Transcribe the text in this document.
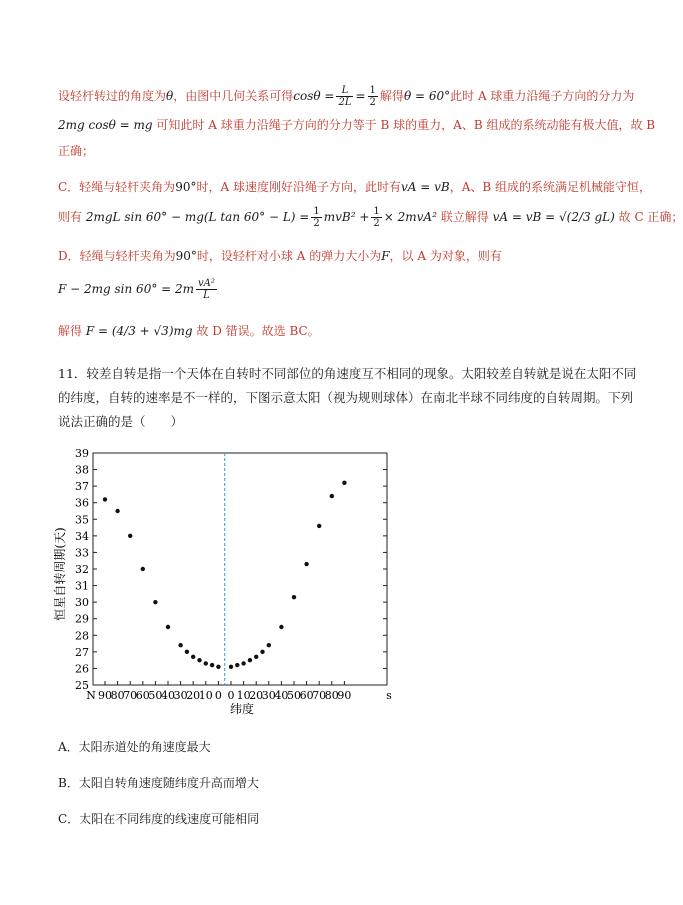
设轻杆转过的角度为θ，由图中几何关系可得$\cos\theta = \frac{L}{2L} = \frac{1}{2}$ 解得θ = 60°此时 A 球重力沿绳子方向的分力为
2mg cosθ = mg 可知此时 A 球重力沿绳子方向的分力等于 B 球的重力，A、B 组成的系统动能有极大值，故 B
正确；
C．轻绳与轻杆夹角为90°时，A 球速度刚好沿绳子方向，此时有vA = vB，A、B 组成的系统满足机械能守恒，
则有 2mgL sin 60° − mg(L $\tan 60^\circ - L) = \frac{1}{2} mvB^2 + \frac{1}{2} \times 2mvA^2$ 联立解得 vA = vB = √(2/3 gL) 故 C 正确；
D．轻绳与轻杆夹角为90°时，设轻杆对小球 A 的弹力大小为F，以 A 为对象，则有
F − 2mg $\sin 60^\circ = 2m \frac{\text{vA²}}{L}$
解得 F = (4/3 + √3)mg 故 D 错误。故选 BC。
11．较差自转是指一个天体在自转时不同部位的角速度互不相同的现象。太阳较差自转就是说在太阳不同
的纬度，自转的速率是不一样的，下图示意太阳（视为规则球体）在南北半球不同纬度的自转周期。下列
说法正确的是（　　）
25
26
27
28
29
30
31
32
33
34
35
36
37
38
39
N 90
80
70
60
50
40
30
20
10 0 0 10
20
30
40
50
60
70
80
90	s
恒星自转周期(天)
纬度
A．太阳赤道处的角速度最大
B．太阳自转角速度随纬度升高而增大
C．太阳在不同纬度的线速度可能相同
